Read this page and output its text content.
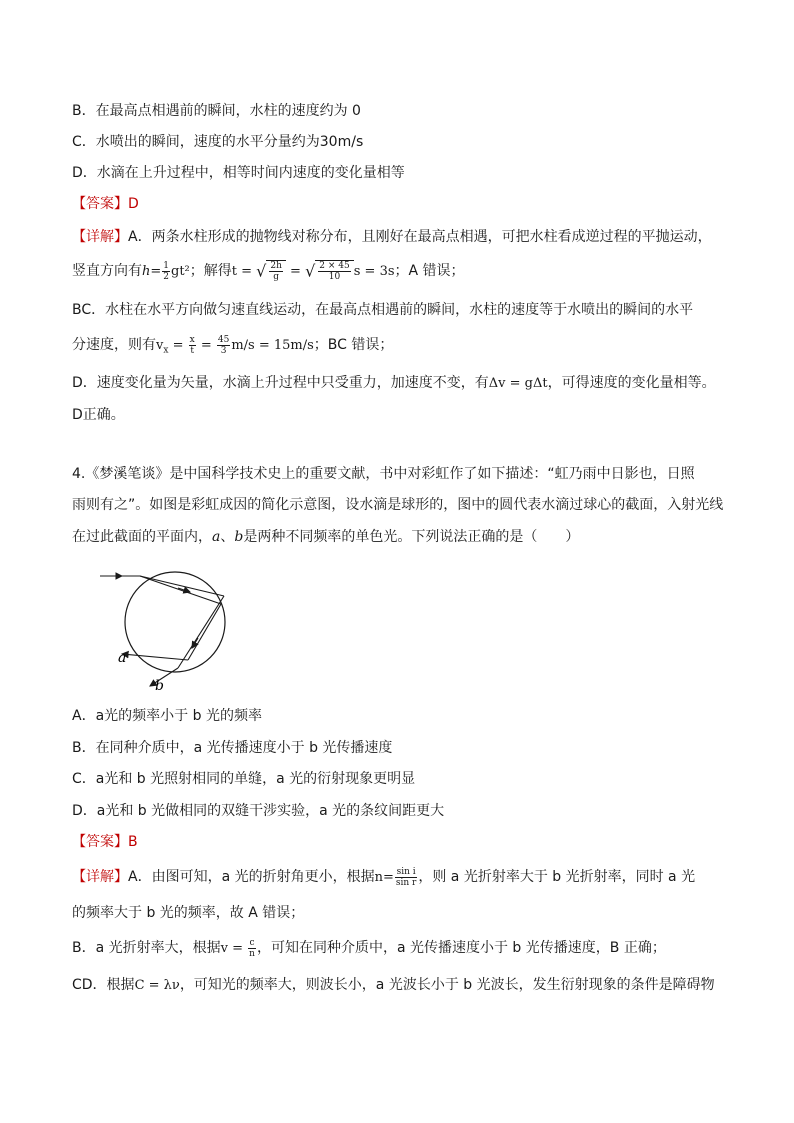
B．在最高点相遇前的瞬间，水柱的速度约为 0
C．水喷出的瞬间，速度的水平分量约为30m/s
D．水滴在上升过程中，相等时间内速度的变化量相等
【答案】D
【详解】A．两条水柱形成的抛物线对称分布，且刚好在最高点相遇，可把水柱看成逆过程的平抛运动，
竖直方向有$h= \frac{1}{2} gt^2$；解得t = √ $\frac{2h}{g}$ = √ $\frac{2 \times 45}{10}$ s = 3s；A 错误；
BC．水柱在水平方向做匀速直线运动，在最高点相遇前的瞬间，水柱的速度等于水喷出的瞬间的水平
分速度，则有$v_x = \frac{x}{t} = \frac{45}{3} m/s = 15m/s$；BC 错误；
D．速度变化量为矢量，水滴上升过程中只受重力，加速度不变，有Δv = gΔt，可得速度的变化量相等。
D正确。
4.《梦溪笔谈》是中国科学技术史上的重要文献，书中对彩虹作了如下描述：“虹乃雨中日影也，日照
雨则有之”。如图是彩虹成因的简化示意图，设水滴是球形的，图中的圆代表水滴过球心的截面，入射光线
在过此截面的平面内，a、b是两种不同频率的单色光。下列说法正确的是（　　）
a
b
A．a光的频率小于 b 光的频率
B．在同种介质中，a 光传播速度小于 b 光传播速度
C．a光和 b 光照射相同的单缝，a 光的衍射现象更明显
D．a光和 b 光做相同的双缝干涉实验，a 光的条纹间距更大
【答案】B
【详解】A．由图可知，a 光的折射角更小，根据$n= \frac{\text{sin i}}{\text{sin r}}$ ，则 a 光折射率大于 b 光折射率，同时 a 光
的频率大于 b 光的频率，故 A 错误；
B．a 光折射率大，根据$v = \frac{c}{n}$ ，可知在同种介质中，a 光传播速度小于 b 光传播速度，B 正确；
CD．根据C = λν，可知光的频率大，则波长小，a 光波长小于 b 光波长，发生衍射现象的条件是障碍物
